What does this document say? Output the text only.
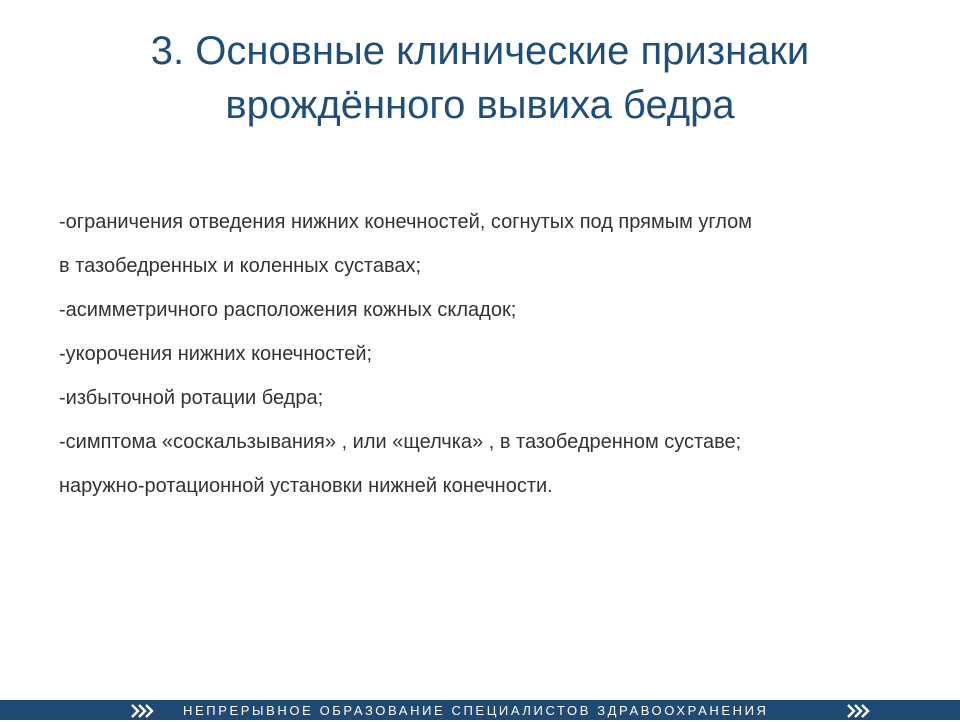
3. Основные клинические признаки
врождённого вывиха бедра
-ограничения отведения нижних конечностей, согнутых под прямым углом
в тазобедренных и коленных суставах;
-асимметричного расположения кожных складок;
-укорочения нижних конечностей;
-избыточной ротации бедра;
-симптома «соскальзывания» , или «щелчка» , в тазобедренном суставе;
наружно-ротационной установки нижней конечности.
НЕПРЕРЫВНОЕ ОБРАЗОВАНИЕ СПЕЦИАЛИСТОВ ЗДРАВООХРАНЕНИЯ
